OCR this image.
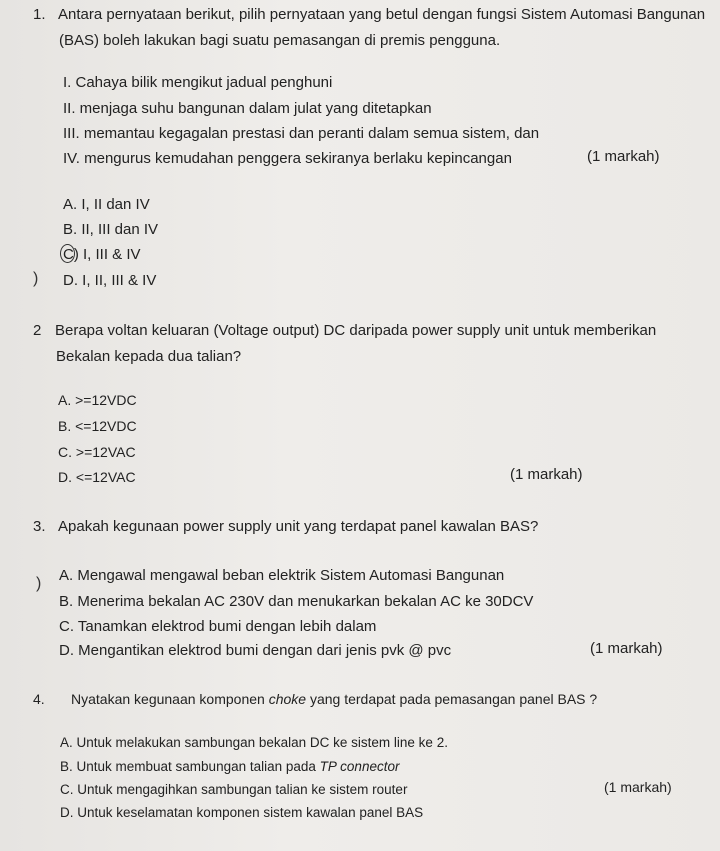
1. Antara pernyataan berikut, pilih pernyataan yang betul dengan fungsi Sistem Automasi Bangunan
(BAS) boleh lakukan bagi suatu pemasangan di premis pengguna.
I. Cahaya bilik mengikut jadual penghuni
II. menjaga suhu bangunan dalam julat yang ditetapkan
III. memantau kegagalan prestasi dan peranti dalam semua sistem, dan
IV. mengurus kemudahan penggera sekiranya berlaku kepincangan	(1 markah)
A. I, II dan IV
B. II, III dan IV
C) I, III & IV
) D. I, II, III & IV
2 Berapa voltan keluaran (Voltage output) DC daripada power supply unit untuk memberikan
Bekalan kepada dua talian?
A. >=12VDC
B. <=12VDC
C. >=12VAC
D. <=12VAC	(1 markah)
3. Apakah kegunaan power supply unit yang terdapat panel kawalan BAS?
A. Mengawal mengawal beban elektrik Sistem Automasi Bangunan
)
B. Menerima bekalan AC 230V dan menukarkan bekalan AC ke 30DCV
C. Tanamkan elektrod bumi dengan lebih dalam
D. Mengantikan elektrod bumi dengan dari jenis pvk @ pvc	(1 markah)
4. Nyatakan kegunaan komponen choke yang terdapat pada pemasangan panel BAS ?
A. Untuk melakukan sambungan bekalan DC ke sistem line ke 2.
B. Untuk membuat sambungan talian pada TP connector
C. Untuk mengagihkan sambungan talian ke sistem router	(1 markah)
D. Untuk keselamatan komponen sistem kawalan panel BAS
